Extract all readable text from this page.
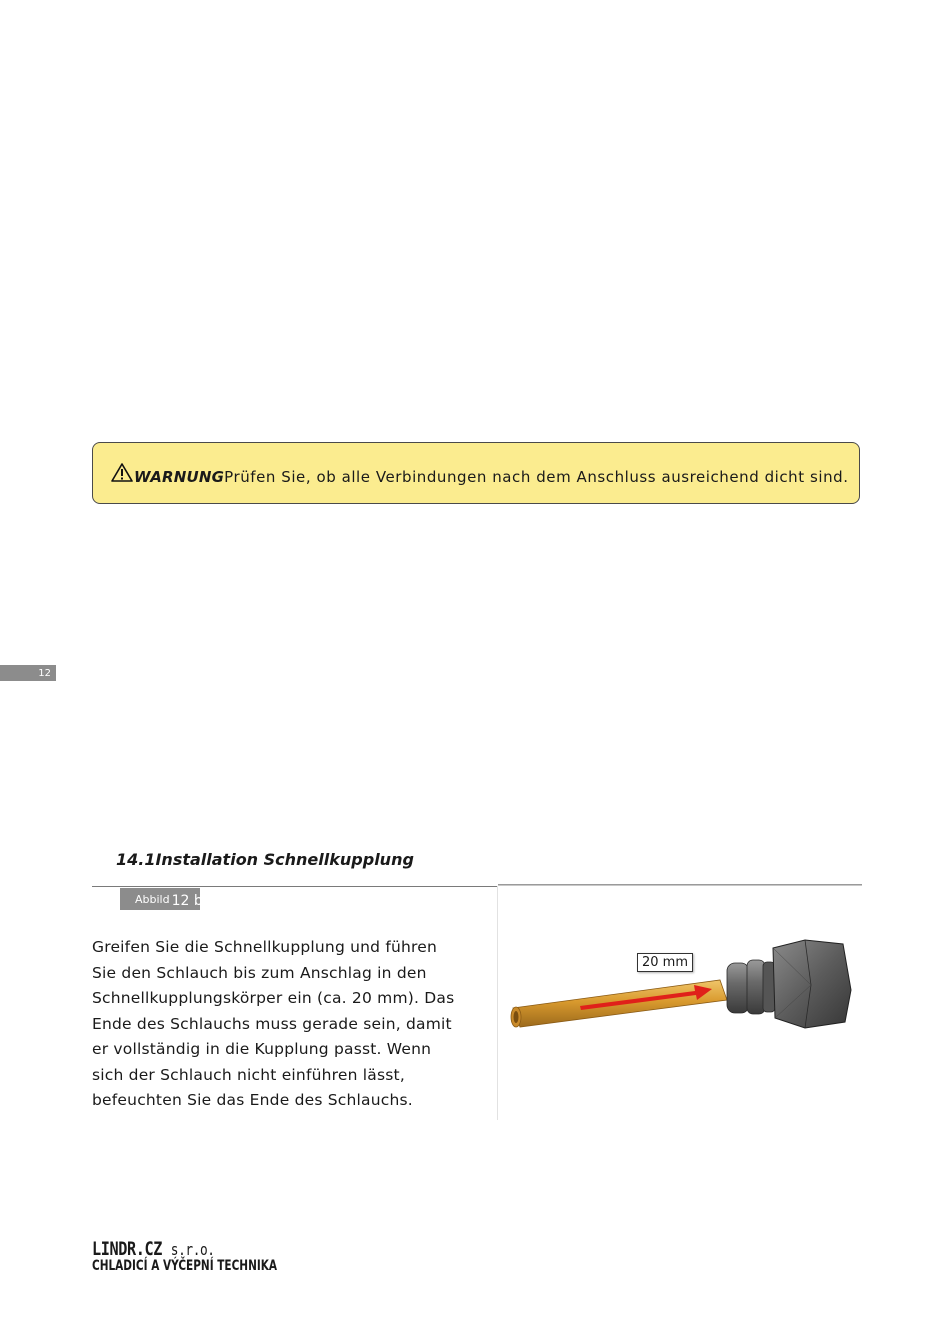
WARNUNG Prüfen Sie, ob alle Verbindungen nach dem Anschluss ausreichend dicht sind.
12
14.1Installation Schnellkupplung
Abbild 12 b
Greifen Sie die Schnellkupplung und führen
Sie den Schlauch bis zum Anschlag in den
Schnellkupplungskörper ein (ca. 20 mm). Das
Ende des Schlauchs muss gerade sein, damit
er vollständig in die Kupplung passt. Wenn
sich der Schlauch nicht einführen lässt,
befeuchten Sie das Ende des Schlauchs.
20 mm
LINDR.CZ s.r.o.
CHLADICÍ A VÝČEPNÍ TECHNIKA
